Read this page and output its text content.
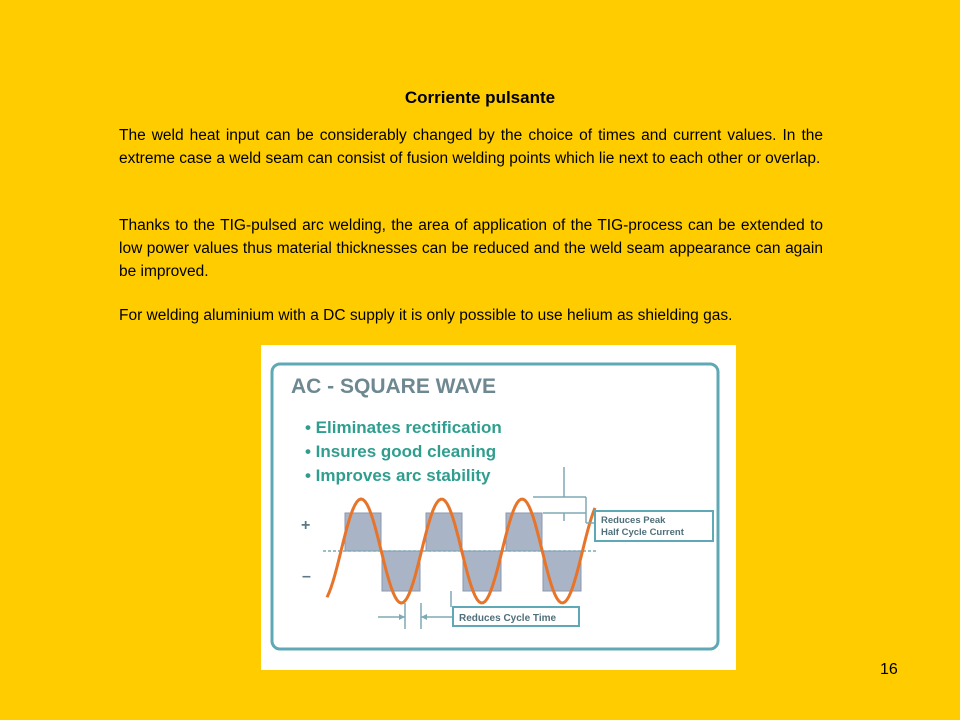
Corriente pulsante
The weld heat input can be considerably changed by the choice of times and current values. In the extreme case a weld seam can consist of fusion welding points which lie next to each other or overlap.
Thanks to the TIG-pulsed arc welding, the area of application of the TIG-process can be extended to low power values thus material thicknesses can be reduced and the weld seam appearance can again be improved.
For welding aluminium with a DC supply it is only possible to use helium as shielding gas.
AC - SQUARE WAVE
• Eliminates rectification
• Insures good cleaning
• Improves arc stability
+
–
Reduces Peak
Half Cycle Current
Reduces Cycle Time
16
